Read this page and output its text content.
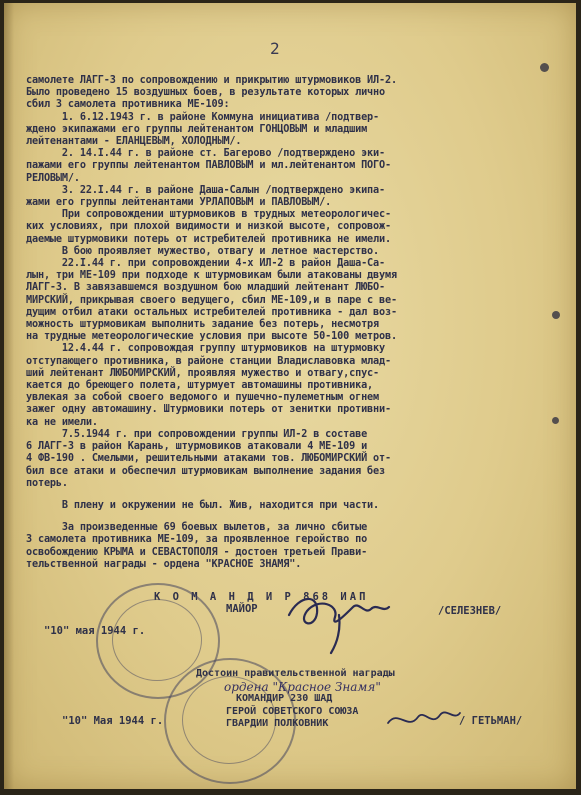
2

самолете ЛАГГ-3 по сопровождению и прикрытию штурмовиков ИЛ-2.

Было проведено 15 воздушных боев, в результате которых лично

сбил 3 самолета противника МЕ-109:

1. 6.12.1943 г. в районе Коммуна инициатива /подтвер-

ждено экипажами его группы лейтенантом ГОНЦОВЫМ и младшим

лейтенантами - ЕЛАНЦЕВЫМ, ХОЛОДНЫМ/.

2. 14.I.44 г. в районе ст. Багерово /подтверждено эки-

пажами его группы лейтенантом ПАВЛОВЫМ и мл.лейтенантом ПОГО-

РЕЛОВЫМ/.

3. 22.I.44 г. в районе Даша-Салын /подтверждено экипа-

жами его группы лейтенантами УРЛАПОВЫМ и ПАВЛОВЫМ/.

При сопровождении штурмовиков в трудных метеорологичес-

ких условиях, при плохой видимости и низкой высоте, сопровож-

даемые штурмовики потерь от истребителей противника не имели.

В бою проявляет мужество, отвагу и летное мастерство.

22.I.44 г. при сопровождении 4-х ИЛ-2 в район Даша-Са-

лын, три МЕ-109 при подходе к штурмовикам были атакованы двумя

ЛАГГ-3. В завязавшемся воздушном бою младший лейтенант ЛЮБО-

МИРСКИЙ, прикрывая своего ведущего, сбил МЕ-109,и в паре с ве-

дущим отбил атаки остальных истребителей противника - дал воз-

можность штурмовикам выполнить задание без потерь, несмотря

на трудные метеорологические условия при высоте 50-100 метров.

12.4.44 г. сопровождая группу штурмовиков на штурмовку

отступающего противника, в районе станции Владиславовка млад-

ший лейтенант ЛЮБОМИРСКИЙ, проявляя мужество и отвагу,спус-

кается до бреющего полета, штурмует автомашины противника,

увлекая за собой своего ведомого и пушечно-пулеметным огнем

зажег одну автомашину. Штурмовики потерь от зенитки противни-

ка не имели.

7.5.1944 г. при сопровождении группы ИЛ-2 в составе

6 ЛАГГ-3 в район Карань, штурмовиков атаковали 4 МЕ-109 и

4 ФВ-190 . Смелыми, решительными атаками тов. ЛЮБОМИРСКИЙ от-

бил все атаки и обеспечил штурмовикам выполнение задания без

потерь.

В плену и окружении не был. Жив, находится при части.

За произведенные 69 боевых вылетов, за лично сбитые

3 самолета противника МЕ-109, за проявленное геройство по

освобождению КРЫМА и СЕВАСТОПОЛЯ - достоен третьей Прави-

тельственной награды - ордена "КРАСНОЕ ЗНАМЯ".

К О М А Н Д И Р 868 ИАП
МАЙОР	/СЕЛЕЗНЕВ/
"10" мая 1944 г.
Достоин правительственной награды
ордена "Красное Знамя"
КОМАНДИР 230 ШАД
ГЕРОЙ СОВЕТСКОГО СОЮЗА
ГВАРДИИ ПОЛКОВНИК	/ ГЕТЬМАН/
"10" Мая 1944 г.
